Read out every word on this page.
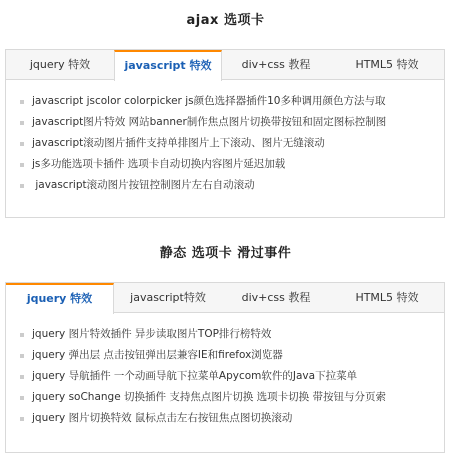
ajax 选项卡
jquery 特效	javascript 特效	div+css 教程	HTML5 特效
javascript jscolor colorpicker js颜色选择器插件10多种调用颜色方法与取
javascript图片特效 网站banner制作焦点图片切换带按钮和固定图标控制图
javascript滚动图片插件支持单排图片上下滚动、图片无缝滚动
js多功能选项卡插件 选项卡自动切换内容图片延迟加载
javascript滚动图片按钮控制图片左右自动滚动
静态 选项卡 滑过事件
jquery 特效	javascript特效	div+css 教程	HTML5 特效
jquery 图片特效插件 异步读取图片TOP排行榜特效
jquery 弹出层 点击按钮弹出层兼容IE和firefox浏览器
jquery 导航插件 一个动画导航下拉菜单Apycom软件的Java下拉菜单
jquery soChange 切换插件 支持焦点图片切换 选项卡切换 带按钮与分页索
jquery 图片切换特效 鼠标点击左右按钮焦点图切换滚动
